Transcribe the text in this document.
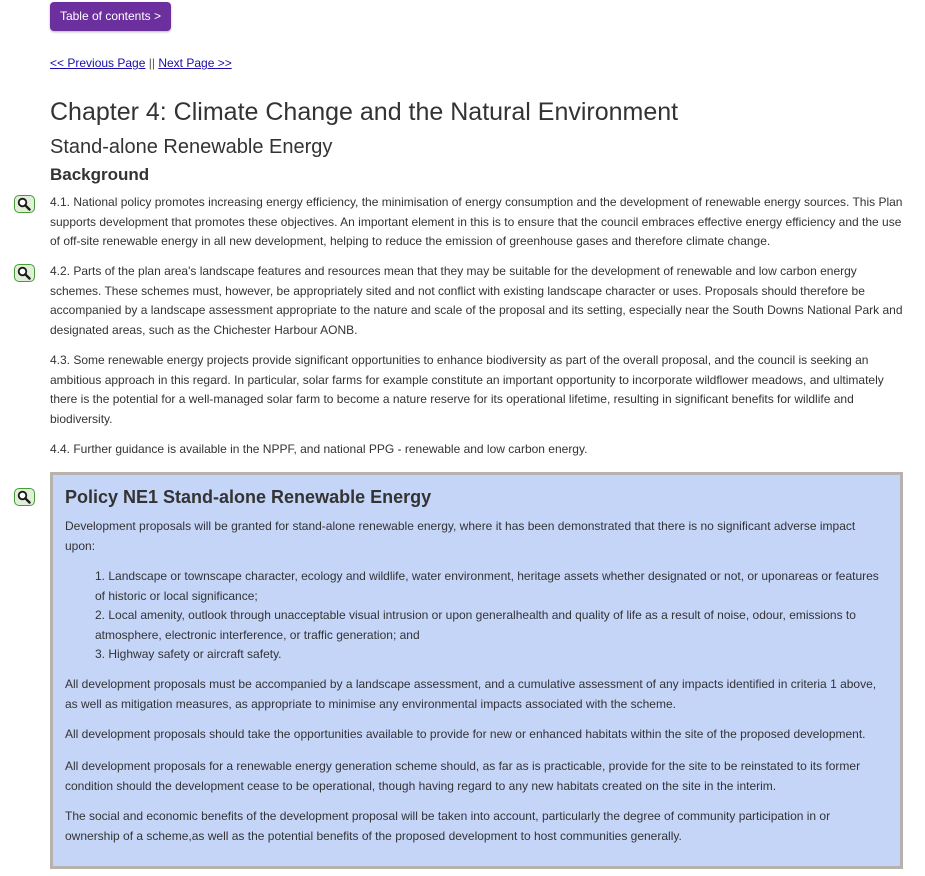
Table of contents >
<< Previous Page || Next Page >>
Chapter 4: Climate Change and the Natural Environment
Stand-alone Renewable Energy
Background

4.1. National policy promotes increasing energy efficiency, the minimisation of energy consumption and the development of renewable energy sources. This Plan supports development that promotes these objectives. An important element in this is to ensure that the council embraces effective energy efficiency and the use of off-site renewable energy in all new development, helping to reduce the emission of greenhouse gases and therefore climate change.

4.2. Parts of the plan area's landscape features and resources mean that they may be suitable for the development of renewable and low carbon energy schemes. These schemes must, however, be appropriately sited and not conflict with existing landscape character or uses. Proposals should therefore be accompanied by a landscape assessment appropriate to the nature and scale of the proposal and its setting, especially near the South Downs National Park and designated areas, such as the Chichester Harbour AONB.

4.3. Some renewable energy projects provide significant opportunities to enhance biodiversity as part of the overall proposal, and the council is seeking an ambitious approach in this regard. In particular, solar farms for example constitute an important opportunity to incorporate wildflower meadows, and ultimately there is the potential for a well-managed solar farm to become a nature reserve for its operational lifetime, resulting in significant benefits for wildlife and biodiversity.

4.4. Further guidance is available in the NPPF, and national PPG - renewable and low carbon energy.

Policy NE1 Stand-alone Renewable Energy

Development proposals will be granted for stand-alone renewable energy, where it has been demonstrated that there is no significant adverse impact upon:

1. Landscape or townscape character, ecology and wildlife, water environment, heritage assets whether designated or not, or uponareas or features of historic or local significance;
2. Local amenity, outlook through unacceptable visual intrusion or upon generalhealth and quality of life as a result of noise, odour, emissions to atmosphere, electronic interference, or traffic generation; and
3. Highway safety or aircraft safety.

All development proposals must be accompanied by a landscape assessment, and a cumulative assessment of any impacts identified in criteria 1 above, as well as mitigation measures, as appropriate to minimise any environmental impacts associated with the scheme.

All development proposals should take the opportunities available to provide for new or enhanced habitats within the site of the proposed development.

All development proposals for a renewable energy generation scheme should, as far as is practicable, provide for the site to be reinstated to its former condition should the development cease to be operational, though having regard to any new habitats created on the site in the interim.

The social and economic benefits of the development proposal will be taken into account, particularly the degree of community participation in or ownership of a scheme,as well as the potential benefits of the proposed development to host communities generally.
